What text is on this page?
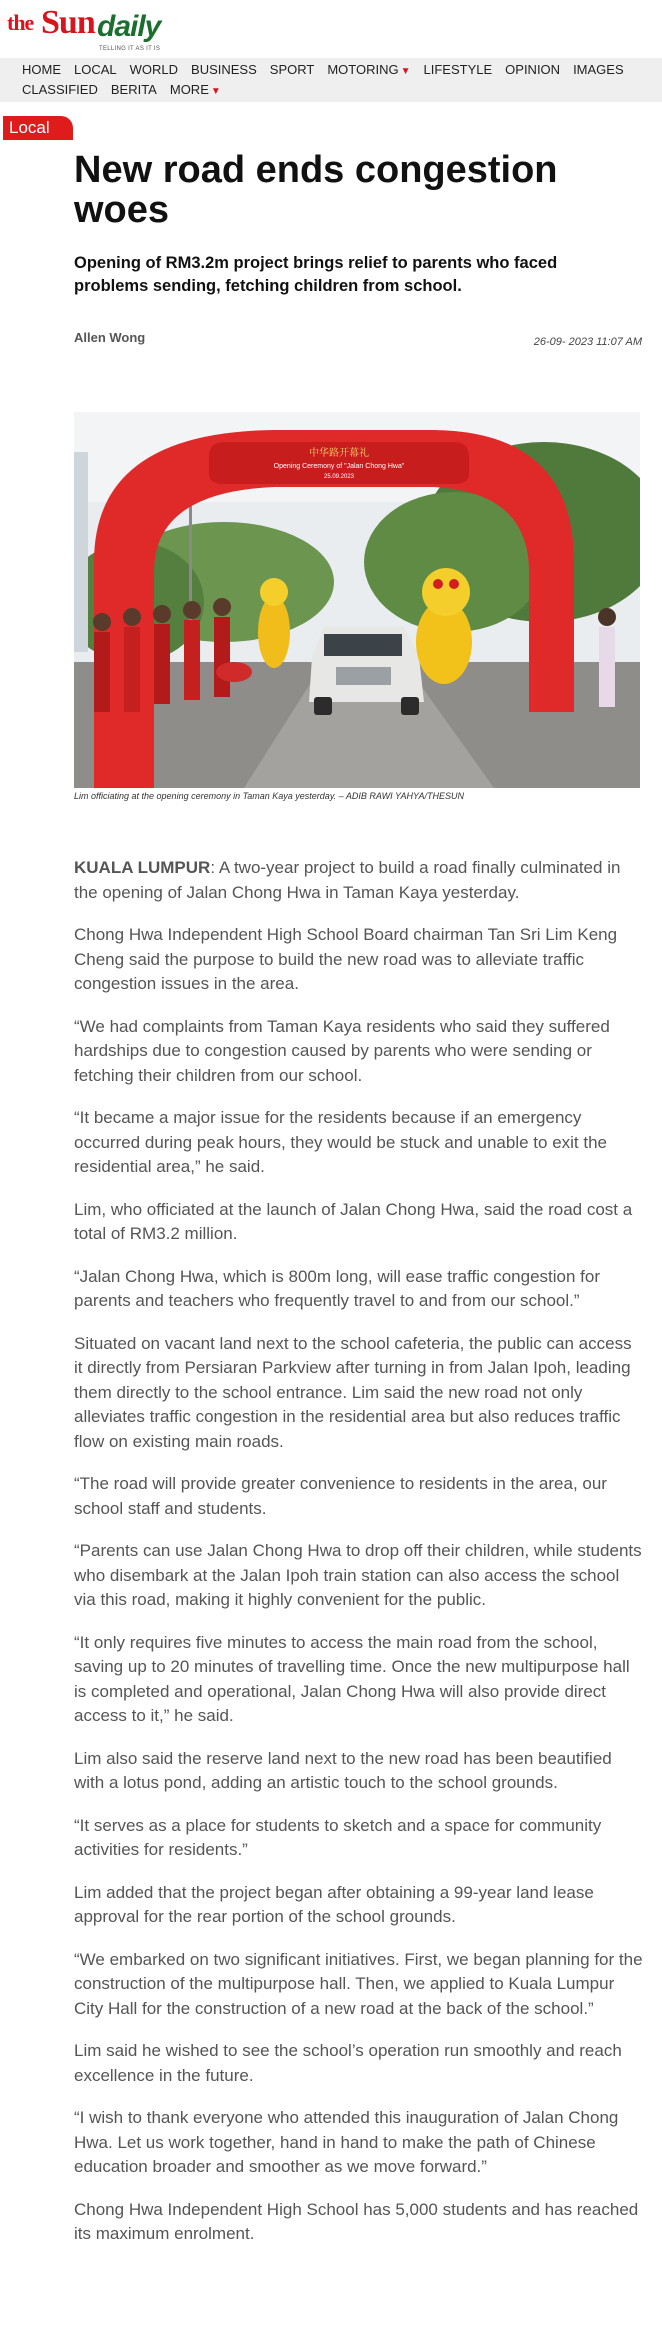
the Sun daily
TELLING IT AS IT IS
HOME LOCAL WORLD BUSINESS SPORT MOTORING ▼ LIFESTYLE OPINION IMAGES
CLASSIFIED BERITA MORE ▼
Local
New road ends congestion woes

Opening of RM3.2m project brings relief to parents who faced problems sending, fetching children from school.

Allen Wong	26-09- 2023 11:07 AM
中华路开幕礼
Opening Ceremony of "Jalan Chong Hwa"
25.09.2023
Lim officiating at the opening ceremony in Taman Kaya yesterday. – ADIB RAWI YAHYA/THESUN

KUALA LUMPUR: A two-year project to build a road finally culminated in the opening of Jalan Chong Hwa in Taman Kaya yesterday.

Chong Hwa Independent High School Board chairman Tan Sri Lim Keng Cheng said the purpose to build the new road was to alleviate traffic congestion issues in the area.

“We had complaints from Taman Kaya residents who said they suffered hardships due to congestion caused by parents who were sending or fetching their children from our school.

“It became a major issue for the residents because if an emergency occurred during peak hours, they would be stuck and unable to exit the residential area,” he said.

Lim, who officiated at the launch of Jalan Chong Hwa, said the road cost a total of RM3.2 million.

“Jalan Chong Hwa, which is 800m long, will ease traffic congestion for parents and teachers who frequently travel to and from our school.”

Situated on vacant land next to the school cafeteria, the public can access it directly from Persiaran Parkview after turning in from Jalan Ipoh, leading them directly to the school entrance. Lim said the new road not only alleviates traffic congestion in the residential area but also reduces traffic flow on existing main roads.

“The road will provide greater convenience to residents in the area, our school staff and students.

“Parents can use Jalan Chong Hwa to drop off their children, while students who disembark at the Jalan Ipoh train station can also access the school via this road, making it highly convenient for the public.

“It only requires five minutes to access the main road from the school, saving up to 20 minutes of travelling time. Once the new multipurpose hall is completed and operational, Jalan Chong Hwa will also provide direct access to it,” he said.

Lim also said the reserve land next to the new road has been beautified with a lotus pond, adding an artistic touch to the school grounds.

“It serves as a place for students to sketch and a space for community activities for residents.”

Lim added that the project began after obtaining a 99-year land lease approval for the rear portion of the school grounds.

“We embarked on two significant initiatives. First, we began planning for the construction of the multipurpose hall. Then, we applied to Kuala Lumpur City Hall for the construction of a new road at the back of the school.”

Lim said he wished to see the school’s operation run smoothly and reach excellence in the future.

“I wish to thank everyone who attended this inauguration of Jalan Chong Hwa. Let us work together, hand in hand to make the path of Chinese education broader and smoother as we move forward.”

Chong Hwa Independent High School has 5,000 students and has reached its maximum enrolment.
